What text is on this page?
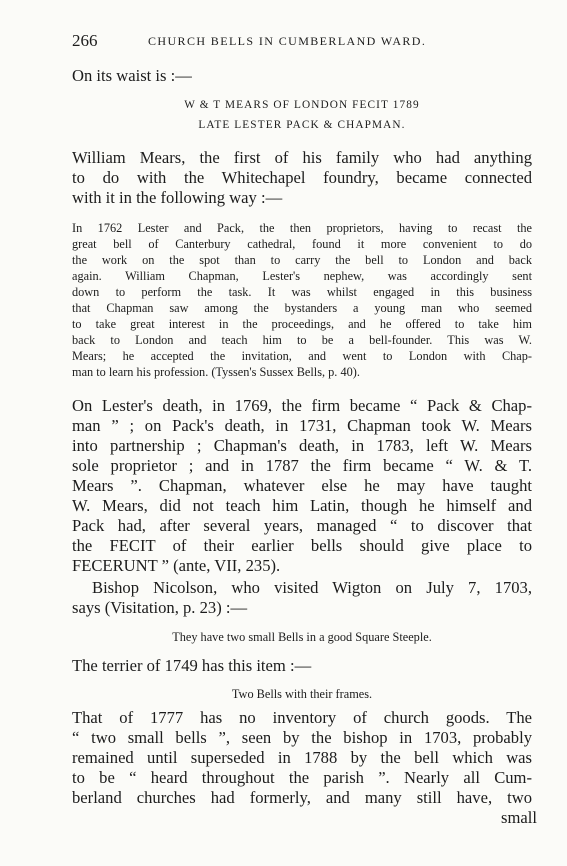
266	CHURCH BELLS IN CUMBERLAND WARD.
On its waist is :—
W & T MEARS OF LONDON FECIT 1789
LATE LESTER PACK & CHAPMAN.
William Mears, the first of his family who had anything
to do with the Whitechapel foundry, became connected
with it in the following way :—
In 1762 Lester and Pack, the then proprietors, having to recast the
great bell of Canterbury cathedral, found it more convenient to do
the work on the spot than to carry the bell to London and back
again. William Chapman, Lester's nephew, was accordingly sent
down to perform the task. It was whilst engaged in this business
that Chapman saw among the bystanders a young man who seemed
to take great interest in the proceedings, and he offered to take him
back to London and teach him to be a bell-founder. This was W.
Mears; he accepted the invitation, and went to London with Chap-
man to learn his profession. (Tyssen's Sussex Bells, p. 40).
On Lester's death, in 1769, the firm became “ Pack & Chap-
man ” ; on Pack's death, in 1731, Chapman took W. Mears
into partnership ; Chapman's death, in 1783, left W. Mears
sole proprietor ; and in 1787 the firm became “ W. & T.
Mears ”. Chapman, whatever else he may have taught
W. Mears, did not teach him Latin, though he himself and
Pack had, after several years, managed “ to discover that
the FECIT of their earlier bells should give place to
FECERUNT ” (ante, VII, 235).
Bishop Nicolson, who visited Wigton on July 7, 1703,
says (Visitation, p. 23) :—
They have two small Bells in a good Square Steeple.
The terrier of 1749 has this item :—
Two Bells with their frames.
That of 1777 has no inventory of church goods. The
“ two small bells ”, seen by the bishop in 1703, probably
remained until superseded in 1788 by the bell which was
to be “ heard throughout the parish ”. Nearly all Cum-
berland churches had formerly, and many still have, two
small
